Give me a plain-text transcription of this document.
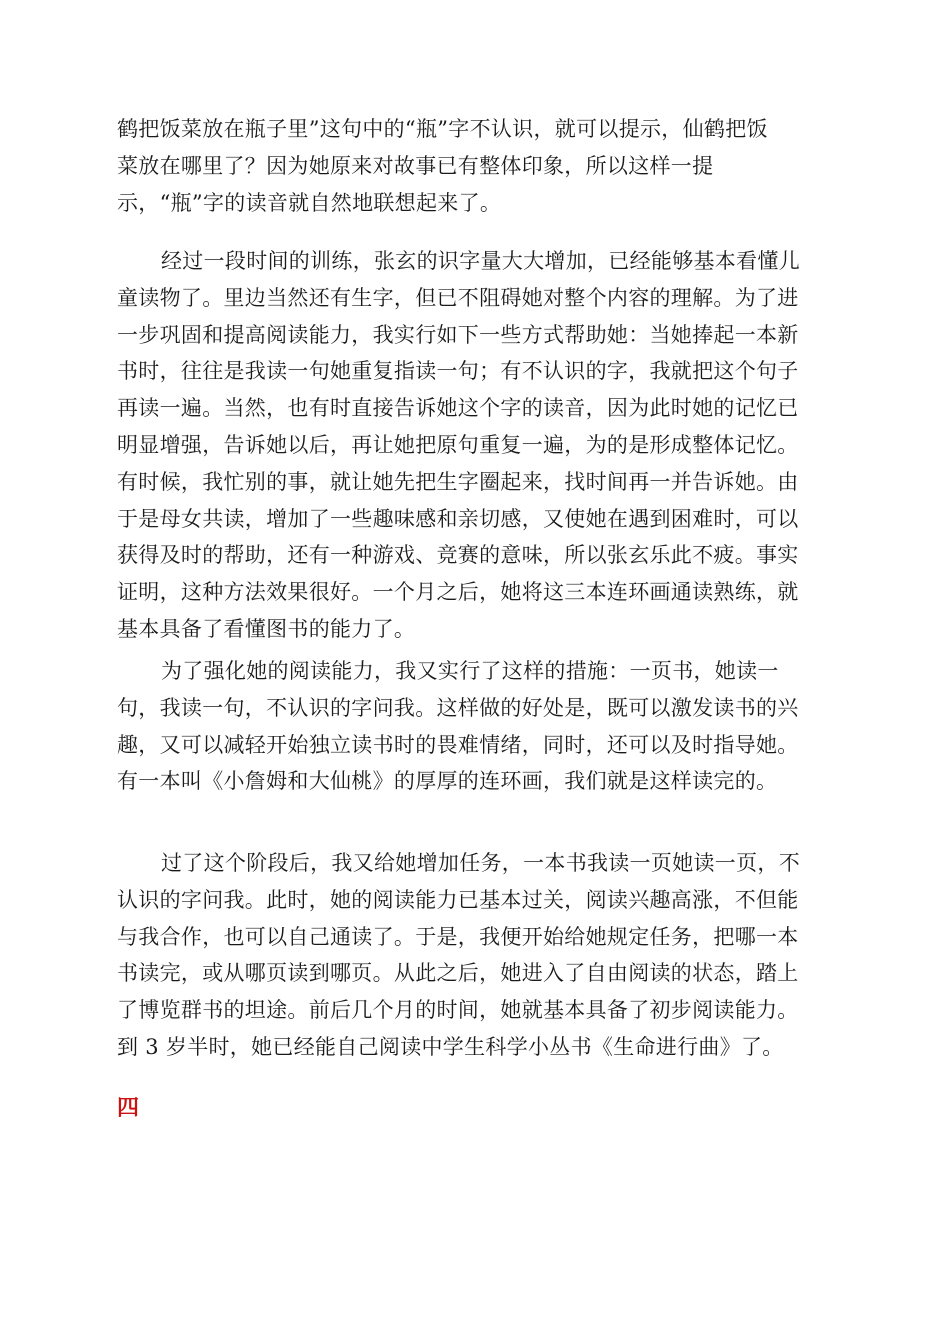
鹤把饭菜放在瓶子里”这句中的“瓶”字不认识，就可以提示，仙鹤把饭
菜放在哪里了？因为她原来对故事已有整体印象，所以这样一提
示，“瓶”字的读音就自然地联想起来了。
经过一段时间的训练，张玄的识字量大大增加，已经能够基本看懂儿
童读物了。里边当然还有生字，但已不阻碍她对整个内容的理解。为了进
一步巩固和提高阅读能力，我实行如下一些方式帮助她：当她捧起一本新
书时，往往是我读一句她重复指读一句；有不认识的字，我就把这个句子
再读一遍。当然，也有时直接告诉她这个字的读音，因为此时她的记忆已
明显增强，告诉她以后，再让她把原句重复一遍，为的是形成整体记忆。
有时候，我忙别的事，就让她先把生字圈起来，找时间再一并告诉她。由
于是母女共读，增加了一些趣味感和亲切感，又使她在遇到困难时，可以
获得及时的帮助，还有一种游戏、竞赛的意味，所以张玄乐此不疲。事实
证明，这种方法效果很好。一个月之后，她将这三本连环画通读熟练，就
基本具备了看懂图书的能力了。
为了强化她的阅读能力，我又实行了这样的措施：一页书，她读一
句，我读一句，不认识的字问我。这样做的好处是，既可以激发读书的兴
趣，又可以减轻开始独立读书时的畏难情绪，同时，还可以及时指导她。
有一本叫《小詹姆和大仙桃》的厚厚的连环画，我们就是这样读完的。
过了这个阶段后，我又给她增加任务，一本书我读一页她读一页，不
认识的字问我。此时，她的阅读能力已基本过关，阅读兴趣高涨，不但能
与我合作，也可以自己通读了。于是，我便开始给她规定任务，把哪一本
书读完，或从哪页读到哪页。从此之后，她进入了自由阅读的状态，踏上
了博览群书的坦途。前后几个月的时间，她就基本具备了初步阅读能力。
到 3 岁半时，她已经能自己阅读中学生科学小丛书《生命进行曲》了。
四
